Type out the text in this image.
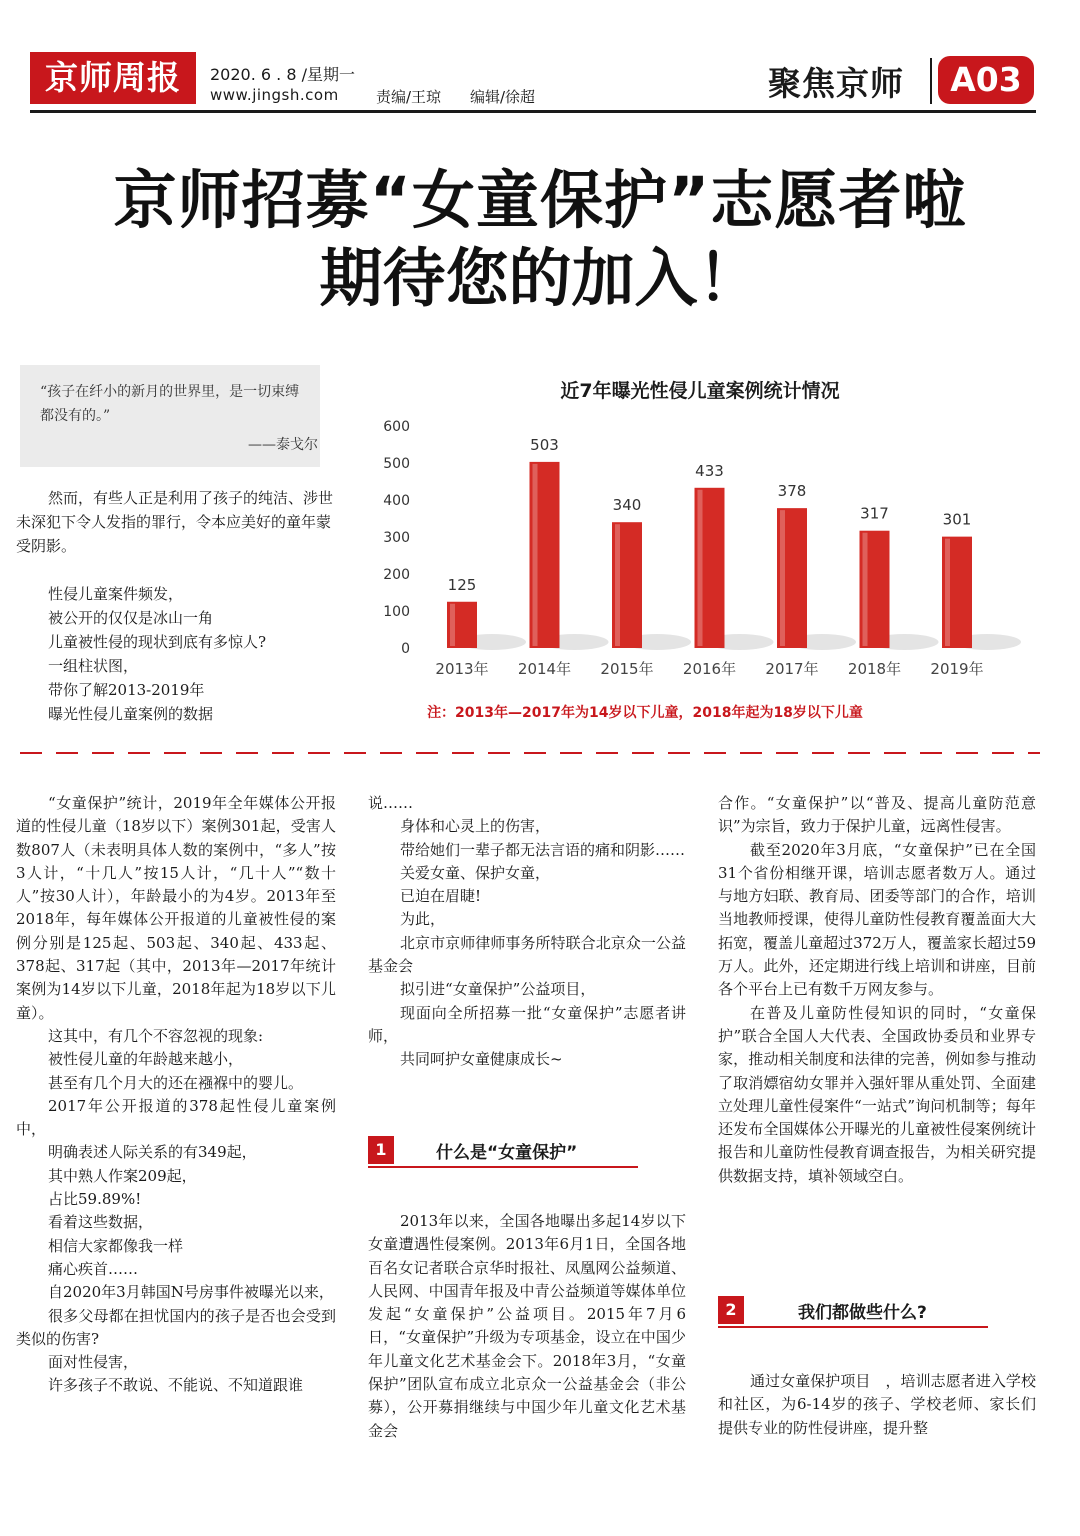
京师周报	2020. 6 . 8 /星期一
www.jingsh.com 责编/王琼 编辑/徐超	聚焦京师	A03
京师招募“女童保护”志愿者啦
期待您的加入！
“孩子在纤小的新月的世界里，是一切束缚都没有的。”
——泰戈尔
然而，有些人正是利用了孩子的纯洁、涉世未深犯下令人发指的罪行，令本应美好的童年蒙受阴影。
性侵儿童案件频发，
被公开的仅仅是冰山一角
儿童被性侵的现状到底有多惊人?
一组柱状图，
带你了解2013-2019年
曝光性侵儿童案例的数据
近7年曝光性侵儿童案例统计情况
0
100
200
300
400
500
600
125
2013年
503
2014年
340
2015年
433
2016年
378
2017年
317
2018年
301
2019年
注：2013年—2017年为14岁以下儿童，2018年起为18岁以下儿童

“女童保护”统计，2019年全年媒体公开报道的性侵儿童（18岁以下）案例301起，受害人数807人（未表明具体人数的案例中，“多人”按3人计，“十几人”按15人计，“几十人”“数十人”按30人计），年龄最小的为4岁。2013年至2018年，每年媒体公开报道的儿童被性侵的案例分别是125起、503起、340起、433起、378起、317起（其中，2013年—2017年统计案例为14岁以下儿童，2018年起为18岁以下儿童）。

这其中，有几个不容忽视的现象:

被性侵儿童的年龄越来越小，

甚至有几个月大的还在襁褓中的婴儿。

2017年公开报道的378起性侵儿童案例中，

明确表述人际关系的有349起，

其中熟人作案209起，

占比59.89%!

看着这些数据，

相信大家都像我一样

痛心疾首……

自2020年3月韩国N号房事件被曝光以来，

很多父母都在担忧国内的孩子是否也会受到类似的伤害?

面对性侵害，

许多孩子不敢说、不能说、不知道跟谁

说……

身体和心灵上的伤害，

带给她们一辈子都无法言语的痛和阴影……

关爱女童、保护女童，

已迫在眉睫!

为此，

北京市京师律师事务所特联合北京众一公益基金会

拟引进“女童保护”公益项目，

现面向全所招募一批“女童保护”志愿者讲师，

共同呵护女童健康成长~

1	什么是“女童保护”

2013年以来，全国各地曝出多起14岁以下女童遭遇性侵案例。2013年6月1日，全国各地百名女记者联合京华时报社、凤凰网公益频道、人民网、中国青年报及中青公益频道等媒体单位发起“女童保护”公益项目。2015年7月6日，“女童保护”升级为专项基金，设立在中国少年儿童文化艺术基金会下。2018年3月，“女童保护”团队宣布成立北京众一公益基金会（非公募），公开募捐继续与中国少年儿童文化艺术基金会

合作。“女童保护”以“普及、提高儿童防范意识”为宗旨，致力于保护儿童，远离性侵害。

截至2020年3月底，“女童保护”已在全国31个省份相继开课，培训志愿者数万人。通过与地方妇联、教育局、团委等部门的合作，培训当地教师授课，使得儿童防性侵教育覆盖面大大拓宽，覆盖儿童超过372万人，覆盖家长超过59万人。此外，还定期进行线上培训和讲座，目前各个平台上已有数千万网友参与。

在普及儿童防性侵知识的同时，“女童保护”联合全国人大代表、全国政协委员和业界专家，推动相关制度和法律的完善，例如参与推动了取消嫖宿幼女罪并入强奸罪从重处罚、全面建立处理儿童性侵案件“一站式”询问机制等；每年还发布全国媒体公开曝光的儿童被性侵案例统计报告和儿童防性侵教育调查报告，为相关研究提供数据支持，填补领域空白。

2	我们都做些什么?

通过女童保护项目　，培训志愿者进入学校和社区，为6-14岁的孩子、学校老师、家长们提供专业的防性侵讲座，提升整
